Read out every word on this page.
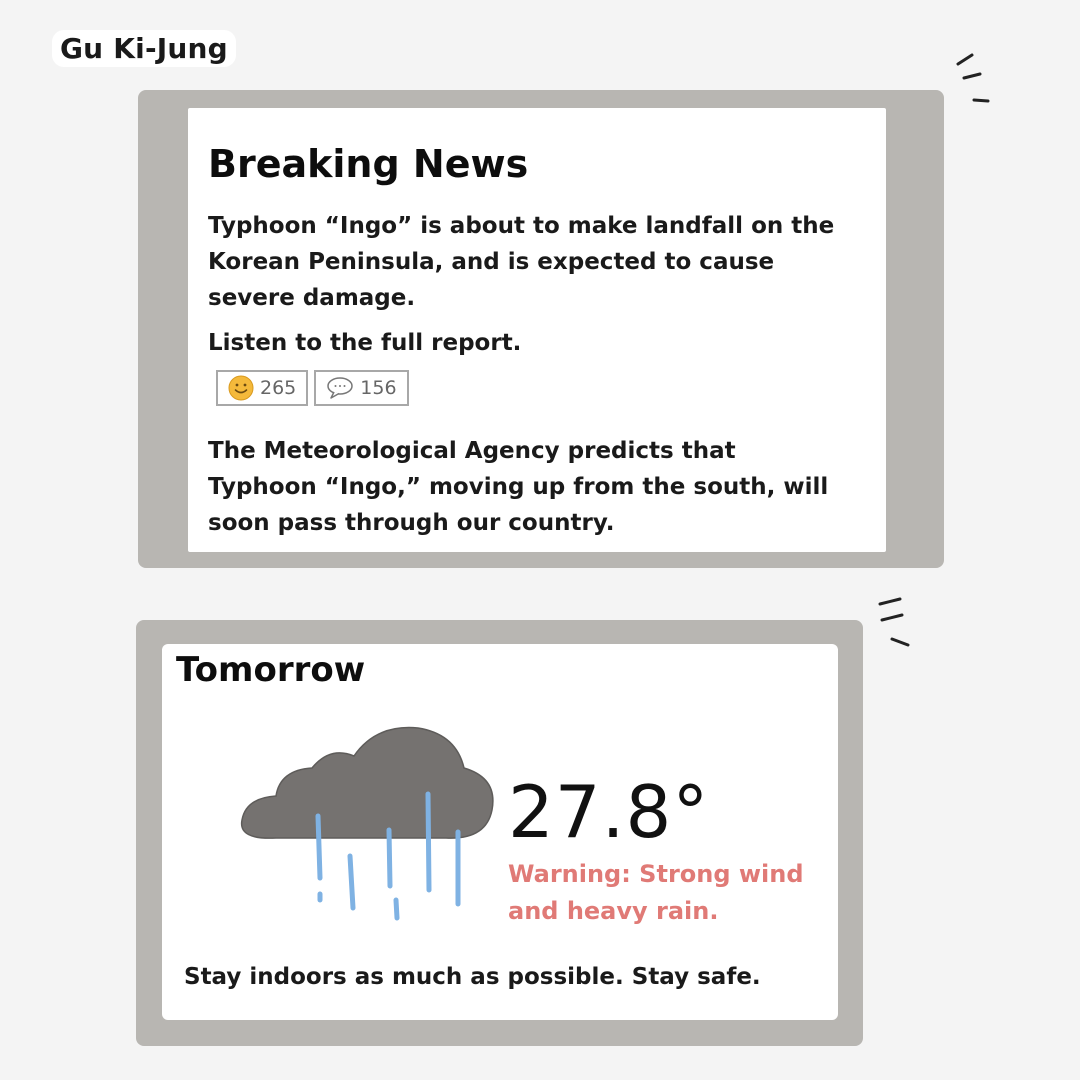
Gu Ki-Jung
Breaking News

Typhoon “Ingo” is about to make landfall on the Korean Peninsula, and is expected to cause severe damage.

Listen to the full report.

265	156

The Meteorological Agency predicts that Typhoon “Ingo,” moving up from the south, will soon pass through our country.

Tomorrow
27.8°
Warning: Strong wind and heavy rain.

Stay indoors as much as possible. Stay safe.
